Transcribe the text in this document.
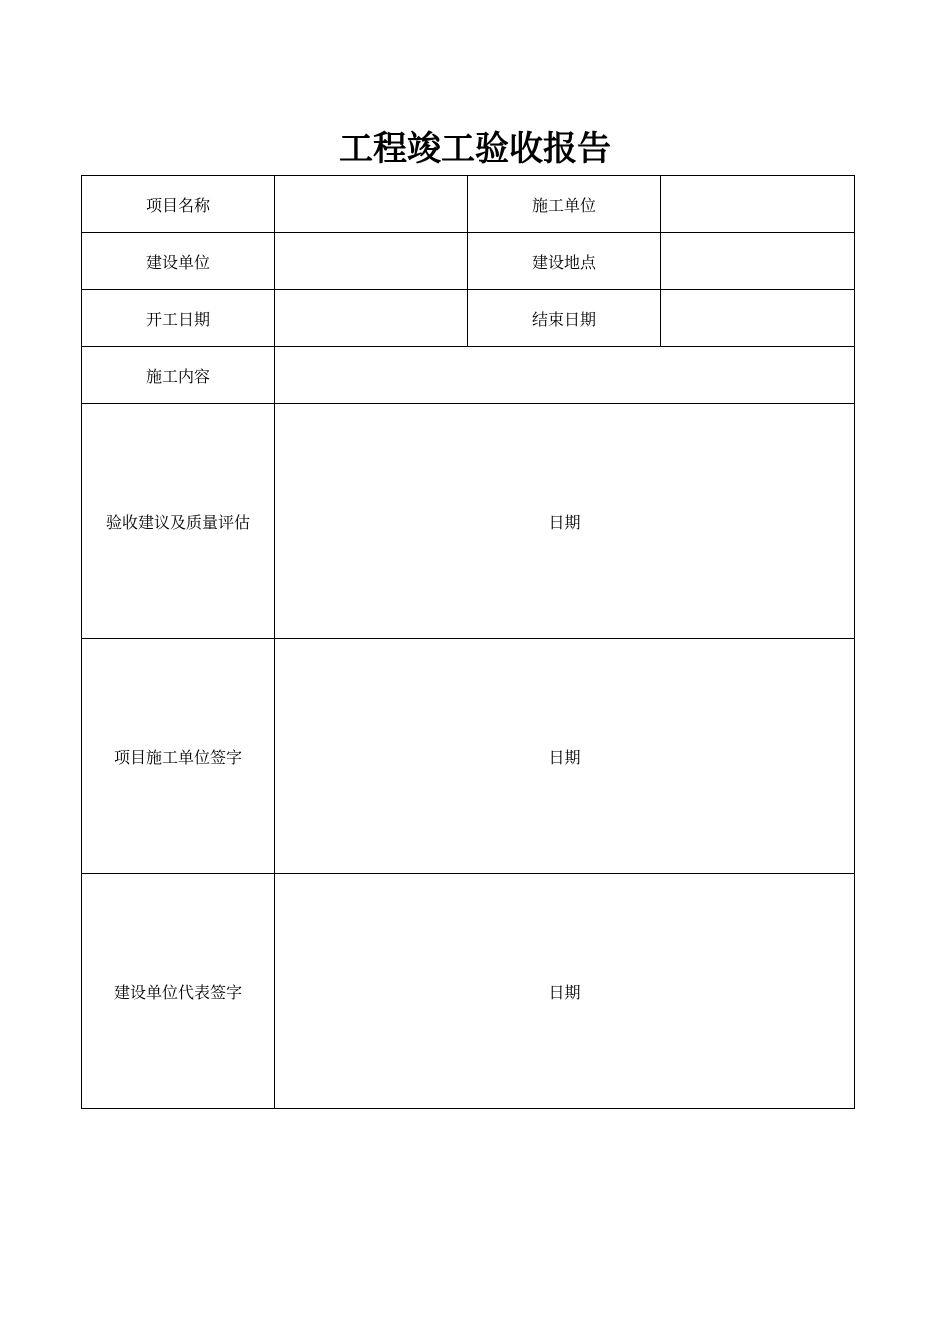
工程竣工验收报告
项目名称		施工单位	
建设单位		建设地点	
开工日期		结束日期	
施工内容			
验收建议及质量评估	日期		
项目施工单位签字	日期		
建设单位代表签字	日期		
